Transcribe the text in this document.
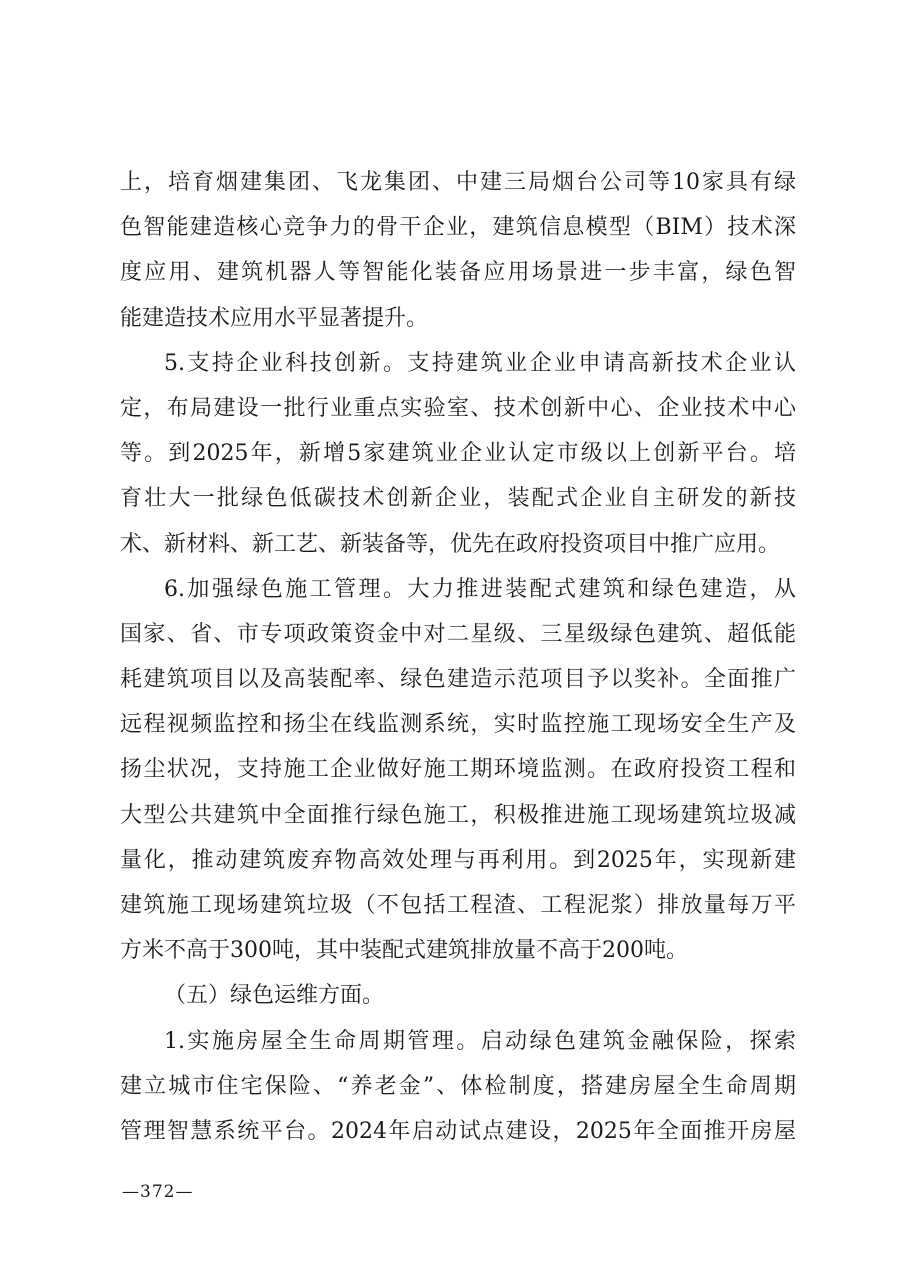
上，培育烟建集团、飞龙集团、中建三局烟台公司等10家具有绿
色智能建造核心竞争力的骨干企业，建筑信息模型（BIM）技术深
度应用、建筑机器人等智能化装备应用场景进一步丰富，绿色智
能建造技术应用水平显著提升。
5.支持企业科技创新。支持建筑业企业申请高新技术企业认
定，布局建设一批行业重点实验室、技术创新中心、企业技术中心
等。到2025年，新增5家建筑业企业认定市级以上创新平台。培
育壮大一批绿色低碳技术创新企业，装配式企业自主研发的新技
术、新材料、新工艺、新装备等，优先在政府投资项目中推广应用。
6.加强绿色施工管理。大力推进装配式建筑和绿色建造，从
国家、省、市专项政策资金中对二星级、三星级绿色建筑、超低能
耗建筑项目以及高装配率、绿色建造示范项目予以奖补。全面推广
远程视频监控和扬尘在线监测系统，实时监控施工现场安全生产及
扬尘状况，支持施工企业做好施工期环境监测。在政府投资工程和
大型公共建筑中全面推行绿色施工，积极推进施工现场建筑垃圾减
量化，推动建筑废弃物高效处理与再利用。到2025年，实现新建
建筑施工现场建筑垃圾（不包括工程渣、工程泥浆）排放量每万平
方米不高于300吨，其中装配式建筑排放量不高于200吨。
（五）绿色运维方面。
1.实施房屋全生命周期管理。启动绿色建筑金融保险，探索
建立城市住宅保险、“养老金”、体检制度，搭建房屋全生命周期
管理智慧系统平台。2024年启动试点建设，2025年全面推开房屋
—372—
